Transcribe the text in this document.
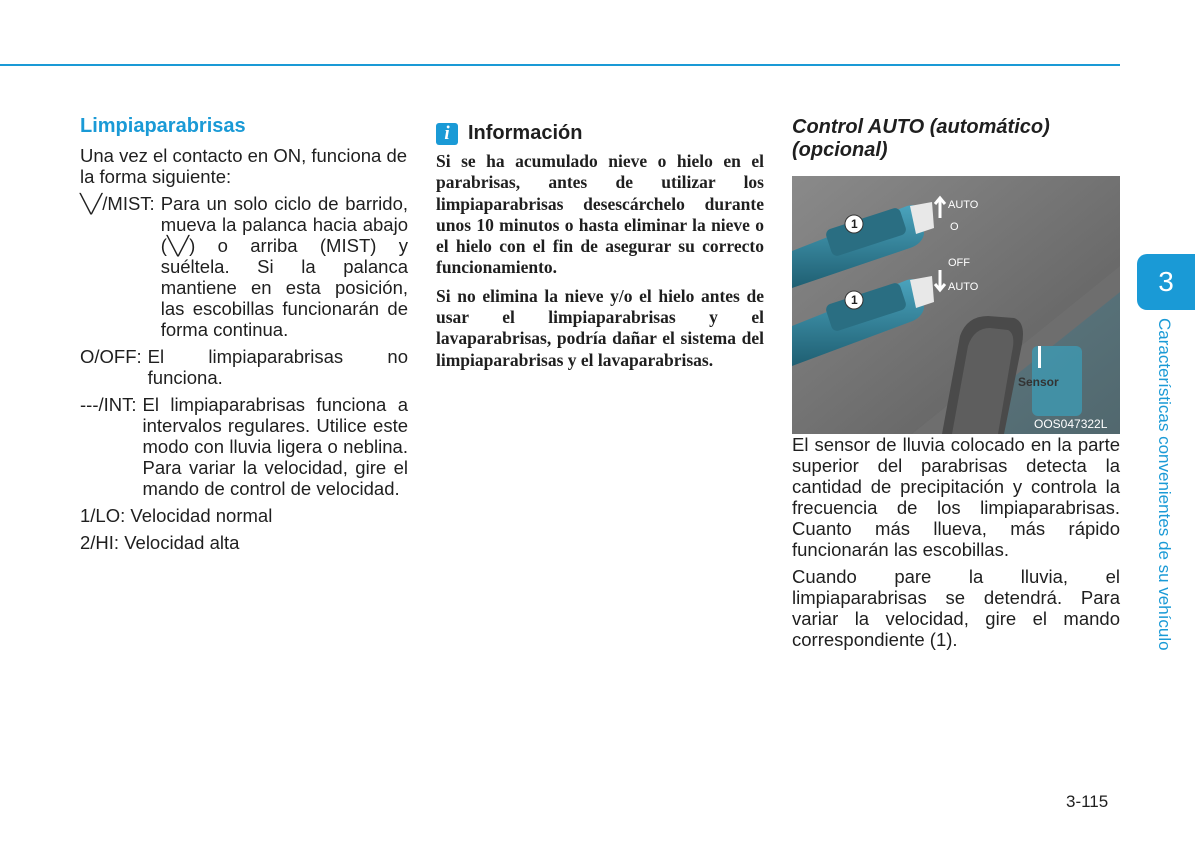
Limpiaparabrisas

Una vez el contacto en ON, funciona de la forma siguiente:

╲╱/MIST: Para un solo ciclo de barrido, mueva la palanca hacia abajo (╲╱) o arriba (MIST) y suéltela. Si la palanca mantiene en esta posición, las escobillas funcionarán de forma continua.
O/OFF: El limpiaparabrisas no funciona.
---/INT: El limpiaparabrisas funciona a intervalos regulares. Utilice este modo con lluvia ligera o neblina. Para variar la velocidad, gire el mando de control de velocidad.

1/LO: Velocidad normal

2/HI: Velocidad alta

i Información

Si se ha acumulado nieve o hielo en el parabrisas, antes de utilizar los limpiaparabrisas desescárchelo durante unos 10 minutos o hasta eliminar la nieve o el hielo con el fin de asegurar su correcto funcionamiento.

Si no elimina la nieve y/o el hielo antes de usar el limpiaparabrisas y el lavaparabrisas, podría dañar el sistema del limpiaparabrisas y el lavaparabrisas.

Control AUTO (automático) (opcional)
AUTO
O
OFF
AUTO
1
1
Sensor
OOS047322L

El sensor de lluvia colocado en la parte superior del parabrisas detecta la cantidad de precipitación y controla la frecuencia de los limpiaparabrisas. Cuanto más llueva, más rápido funcionarán las escobillas.

Cuando pare la lluvia, el limpiaparabrisas se detendrá. Para variar la velocidad, gire el mando correspondiente (1).

3
Características convenientes de su vehículo
3-115
